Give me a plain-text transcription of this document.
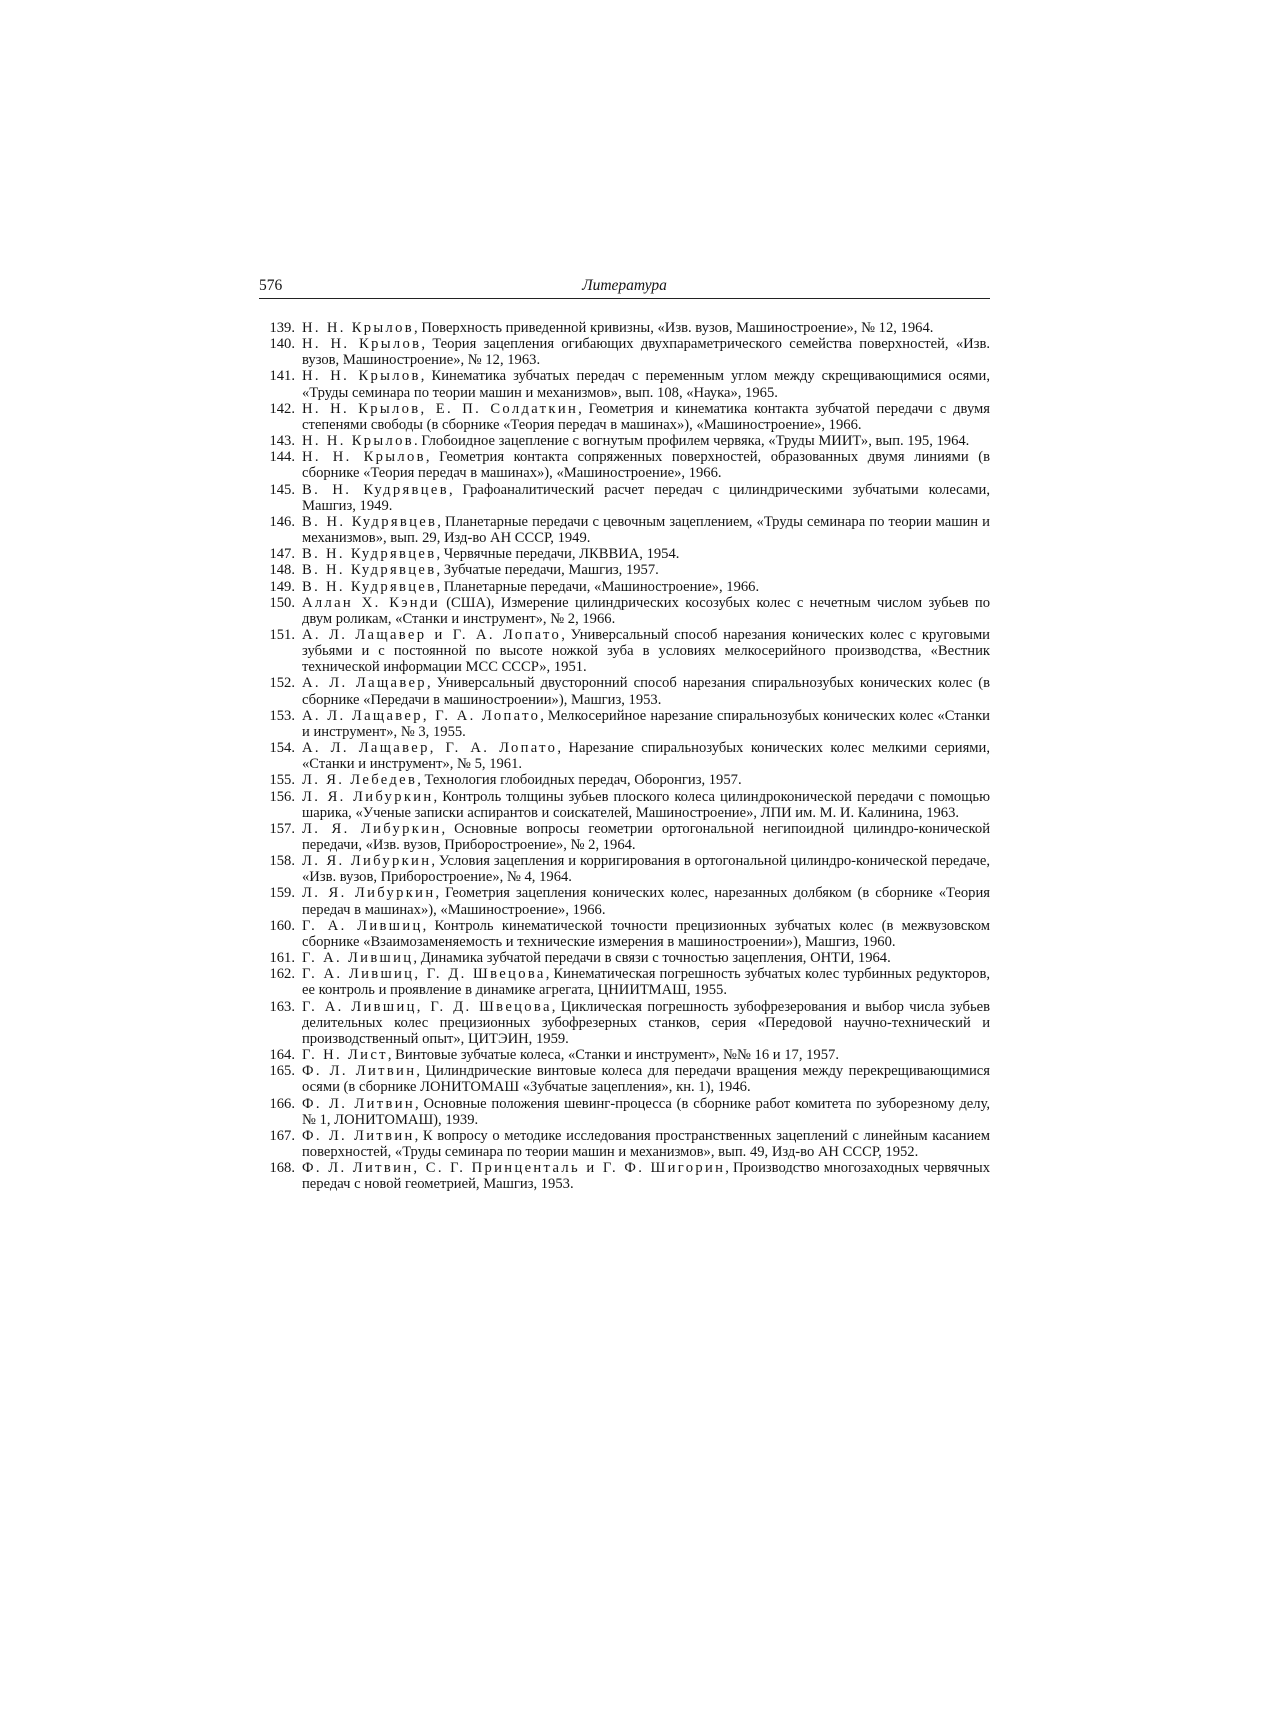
576	Литература
139. Н. Н. Крылов, Поверхность приведенной кривизны, «Изв. вузов, Машиностроение», № 12, 1964.
140. Н. Н. Крылов, Теория зацепления огибающих двухпараметрического семейства поверхностей, «Изв. вузов, Машиностроение», № 12, 1963.
141. Н. Н. Крылов, Кинематика зубчатых передач с переменным углом между скрещивающимися осями, «Труды семинара по теории машин и механизмов», вып. 108, «Наука», 1965.
142. Н. Н. Крылов, Е. П. Солдаткин, Геометрия и кинематика контакта зубчатой передачи с двумя степенями свободы (в сборнике «Теория передач в машинах»), «Машиностроение», 1966.
143. Н. Н. Крылов. Глобоидное зацепление с вогнутым профилем червяка, «Труды МИИТ», вып. 195, 1964.
144. Н. Н. Крылов, Геометрия контакта сопряженных поверхностей, образованных двумя линиями (в сборнике «Теория передач в машинах»), «Машиностроение», 1966.
145. В. Н. Кудрявцев, Графоаналитический расчет передач с цилиндрическими зубчатыми колесами, Машгиз, 1949.
146. В. Н. Кудрявцев, Планетарные передачи с цевочным зацеплением, «Труды семинара по теории машин и механизмов», вып. 29, Изд-во АН СССР, 1949.
147. В. Н. Кудрявцев, Червячные передачи, ЛКВВИА, 1954.
148. В. Н. Кудрявцев, Зубчатые передачи, Машгиз, 1957.
149. В. Н. Кудрявцев, Планетарные передачи, «Машиностроение», 1966.
150. Аллан Х. Кэнди (США), Измерение цилиндрических косозубых колес с нечетным числом зубьев по двум роликам, «Станки и инструмент», № 2, 1966.
151. А. Л. Лащавер и Г. А. Лопато, Универсальный способ нарезания конических колес с круговыми зубьями и с постоянной по высоте ножкой зуба в условиях мелкосерийного производства, «Вестник технической информации МСС СССР», 1951.
152. А. Л. Лащавер, Универсальный двусторонний способ нарезания спиральнозубых конических колес (в сборнике «Передачи в машиностроении»), Машгиз, 1953.
153. А. Л. Лащавер, Г. А. Лопато, Мелкосерийное нарезание спиральнозубых конических колес «Станки и инструмент», № 3, 1955.
154. А. Л. Лащавер, Г. А. Лопато, Нарезание спиральнозубых конических колес мелкими сериями, «Станки и инструмент», № 5, 1961.
155. Л. Я. Лебедев, Технология глобоидных передач, Оборонгиз, 1957.
156. Л. Я. Либуркин, Контроль толщины зубьев плоского колеса цилиндроконической передачи с помощью шарика, «Ученые записки аспирантов и соискателей, Машиностроение», ЛПИ им. М. И. Калинина, 1963.
157. Л. Я. Либуркин, Основные вопросы геометрии ортогональной негипоидной цилиндро-конической передачи, «Изв. вузов, Приборостроение», № 2, 1964.
158. Л. Я. Либуркин, Условия зацепления и корригирования в ортогональной цилиндро-конической передаче, «Изв. вузов, Приборостроение», № 4, 1964.
159. Л. Я. Либуркин, Геометрия зацепления конических колес, нарезанных долбяком (в сборнике «Теория передач в машинах»), «Машиностроение», 1966.
160. Г. А. Лившиц, Контроль кинематической точности прецизионных зубчатых колес (в межвузовском сборнике «Взаимозаменяемость и технические измерения в машиностроении»), Машгиз, 1960.
161. Г. А. Лившиц, Динамика зубчатой передачи в связи с точностью зацепления, ОНТИ, 1964.
162. Г. А. Лившиц, Г. Д. Швецова, Кинематическая погрешность зубчатых колес турбинных редукторов, ее контроль и проявление в динамике агрегата, ЦНИИТМАШ, 1955.
163. Г. А. Лившиц, Г. Д. Швецова, Циклическая погрешность зубофрезерования и выбор числа зубьев делительных колес прецизионных зубофрезерных станков, серия «Передовой научно-технический и производственный опыт», ЦИТЭИН, 1959.
164. Г. Н. Лист, Винтовые зубчатые колеса, «Станки и инструмент», №№ 16 и 17, 1957.
165. Ф. Л. Литвин, Цилиндрические винтовые колеса для передачи вращения между перекрещивающимися осями (в сборнике ЛОНИТОМАШ «Зубчатые зацепления», кн. 1), 1946.
166. Ф. Л. Литвин, Основные положения шевинг-процесса (в сборнике работ комитета по зуборезному делу, № 1, ЛОНИТОМАШ), 1939.
167. Ф. Л. Литвин, К вопросу о методике исследования пространственных зацеплений с линейным касанием поверхностей, «Труды семинара по теории машин и механизмов», вып. 49, Изд-во АН СССР, 1952.
168. Ф. Л. Литвин, С. Г. Принценталь и Г. Ф. Шигорин, Производство многозаходных червячных передач с новой геометрией, Машгиз, 1953.
